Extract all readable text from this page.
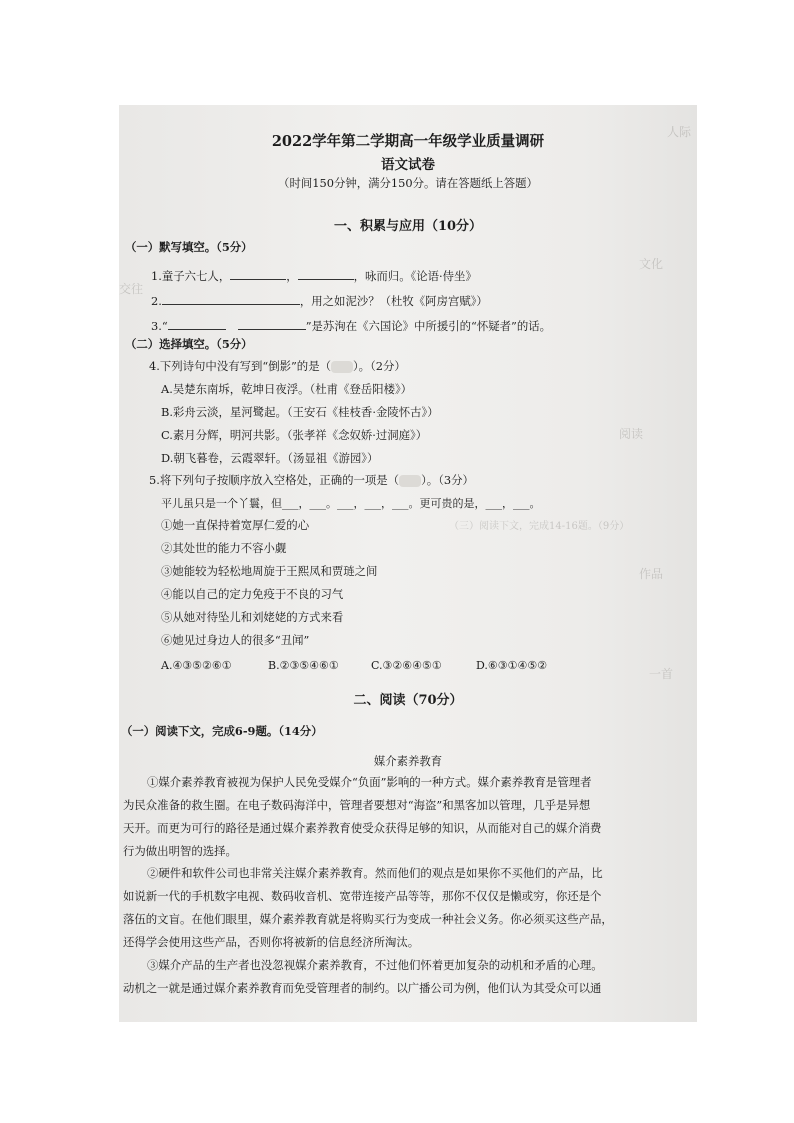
人际
交往
文化
阅读
（三）阅读下文，完成14-16题。（9分）
作品
一首
2022学年第二学期高一年级学业质量调研
语文试卷
（时间150分钟，满分150分。请在答题纸上答题）
一、积累与应用（10分）
（一）默写填空。（5分）
1.童子六七人，	，	，咏而归。《论语·侍坐》
2.	，用之如泥沙？（杜牧《阿房宫赋》）
3.“	”是苏洵在《六国论》中所援引的“怀疑者”的话。
（二）选择填空。（5分）
4.下列诗句中没有写到“倒影”的是（ ）。（2分）
A.吴楚东南坼，乾坤日夜浮。（杜甫《登岳阳楼》）
B.彩舟云淡，星河鹭起。（王安石《桂枝香·金陵怀古》）
C.素月分辉，明河共影。（张孝祥《念奴娇·过洞庭》）
D.朝飞暮卷，云霞翠轩。（汤显祖《游园》）
5.将下列句子按顺序放入空格处，正确的一项是（ ）。（3分）
平儿虽只是一个丫鬟，但___，___。___，___，___。更可贵的是，___，___。
①她一直保持着宽厚仁爱的心
②其处世的能力不容小觑
③她能较为轻松地周旋于王熙凤和贾琏之间
④能以自己的定力免疫于不良的习气
⑤从她对待坠儿和刘姥姥的方式来看
⑥她见过身边人的很多“丑闻”
A.④③⑤②⑥①	B.②③⑤④⑥①	C.③②⑥④⑤①	D.⑥③①④⑤②
二、阅读（70分）
（一）阅读下文，完成6-9题。（14分）
媒介素养教育
①媒介素养教育被视为保护人民免受媒介“负面”影响的一种方式。媒介素养教育是管理者
为民众准备的救生圈。在电子数码海洋中，管理者要想对“海盗”和黑客加以管理，几乎是异想
天开。而更为可行的路径是通过媒介素养教育使受众获得足够的知识，从而能对自己的媒介消费
行为做出明智的选择。
②硬件和软件公司也非常关注媒介素养教育。然而他们的观点是如果你不买他们的产品，比
如说新一代的手机数字电视、数码收音机、宽带连接产品等等，那你不仅仅是懒或穷，你还是个
落伍的文盲。在他们眼里，媒介素养教育就是将购买行为变成一种社会义务。你必须买这些产品，
还得学会使用这些产品，否则你将被新的信息经济所淘汰。
③媒介产品的生产者也没忽视媒介素养教育，不过他们怀着更加复杂的动机和矛盾的心理。
动机之一就是通过媒介素养教育而免受管理者的制约。以广播公司为例，他们认为其受众可以通
